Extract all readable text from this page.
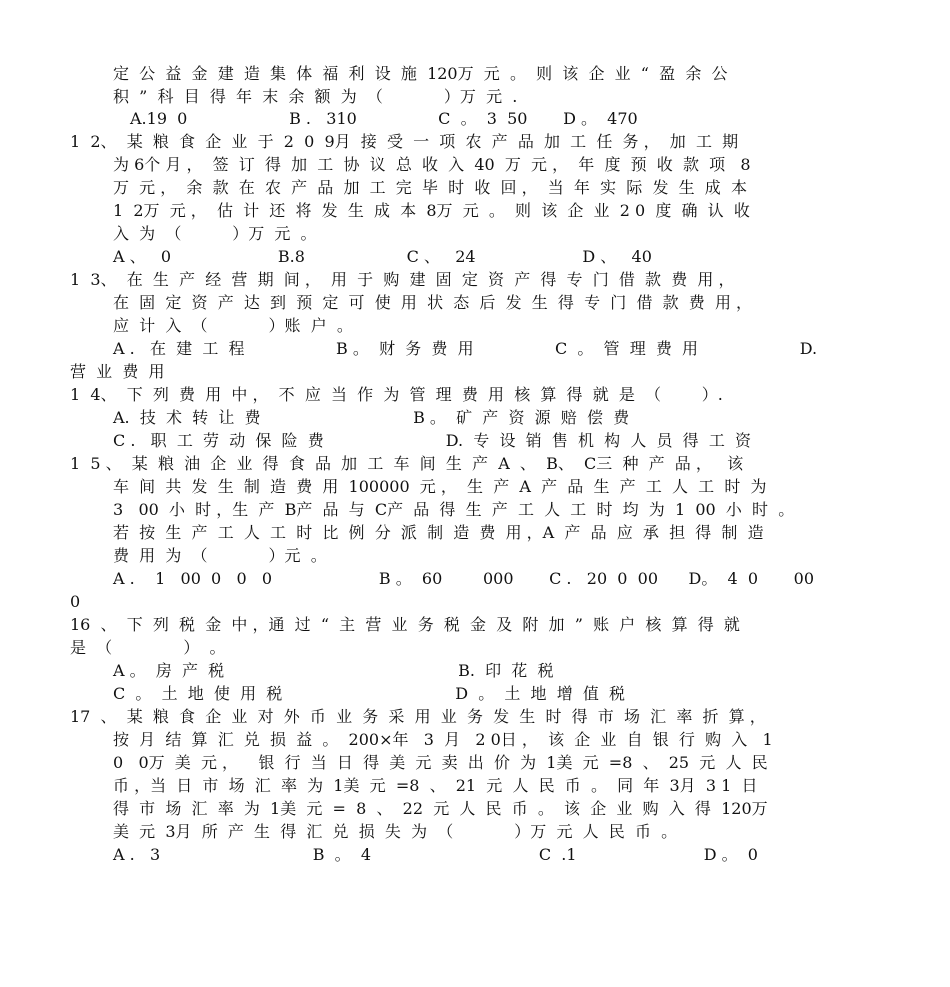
定  公  益  金  建  造  集  体  福  利  设  施  120万  元  。  则  该  企  业  “  盈  余  公
积  ”  科  目  得  年  末  余  额  为  （            ）万  元  .
A.19  0                    B .   310                C  。  3  50       D 。  470
1  2、  某  粮  食  企  业  于  2  0  9月  接  受  一  项  农  产  品  加  工  任  务 ，  加  工  期
为 6个 月 ，  签  订  得  加  工  协  议  总  收  入  40  万  元 ，  年  度  预  收  款  项   8
万  元 ，  余  款  在  农  产  品  加  工  完  毕  时  收  回 ，  当  年  实  际  发  生  成  本
1  2万  元 ，  估  计  还  将  发  生  成  本  8万  元  。  则  该  企  业  2 0  度  确  认  收
入  为  （          ）万  元  。
A 、   0                     B.8                    C 、   24                     D 、   40
1  3、  在  生  产  经  营  期  间 ，  用  于  购  建  固  定  资  产  得  专  门  借  款  费  用 ，
在  固  定  资  产  达  到  预  定  可  使  用  状  态  后  发  生  得  专  门  借  款  费  用 ，
应  计  入  （            ）账  户  。
A .   在  建  工  程                  B 。  财  务  费  用                C  。  管  理  费  用                    D.
营  业  费  用
1  4、  下  列  费  用  中 ，  不  应  当  作  为  管  理  费  用  核  算  得  就  是  （        ）.
A.  技  术  转  让  费                              B 。  矿  产  资  源  赔  偿  费
C .   职  工  劳  动  保  险  费                        D.  专  设  销  售  机  构  人  员  得  工  资
1  5 、  某  粮  油  企  业  得  食  品  加  工  车  间  生  产  A  、  B、  C三  种  产  品 ，   该
车  间  共  发  生  制  造  费  用  100000  元 ，  生  产  A  产  品  生  产  工  人  工  时  为
3   00  小  时 ，生  产  B产  品  与  C产  品  得  生  产  工  人  工  时  均  为  1  00  小  时  。
若  按  生  产  工  人  工  时  比  例  分  派  制  造  费  用 ，A  产  品  应  承  担  得  制  造
费  用  为  （            ）元  。
A .    1   00  0   0   0                     B 。  60        000       C .   20  0  00      D。  4  0       00
0
16  、  下  列  税  金  中 ，通  过  “  主  营  业  务  税  金  及  附  加  ”  账  户  核  算  得  就
是  （              ）  。
A 。  房  产  税                                              B.  印  花  税
C  。  土  地  使  用  税                                  D  。  土  地  增  值  税
17  、  某  粮  食  企  业  对  外  币  业  务  采  用  业  务  发  生  时  得  市  场  汇  率  折  算 ，
按  月  结  算  汇  兑  损  益  。  200×年   3  月   2 0日 ，  该  企  业  自  银  行  购  入   1
0   0万  美  元 ，    银  行  当  日  得  美  元  卖  出  价  为  1美  元  =8  、  25  元  人  民
币 ，当  日  市  场  汇  率  为  1美  元  =8  、  21  元  人  民  币  。  同  年  3月  3 1  日
得  市  场  汇  率  为  1美  元  =  8  、  22  元  人  民  币  。  该  企  业  购  入  得  120万
美  元  3月  所  产  生  得  汇  兑  损  失  为  （            ）万  元  人  民  币  。
A .   3                              B  。  4                                 C  .1                         D 。  0
